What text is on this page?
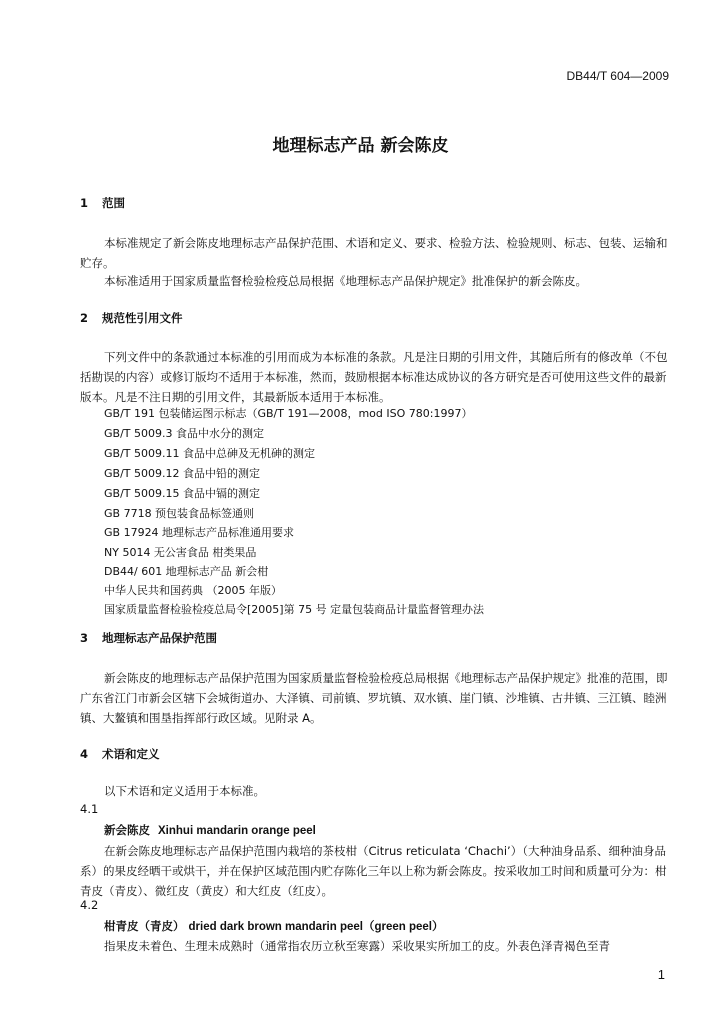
DB44/T 604—2009
地理标志产品 新会陈皮
1 范围
本标准规定了新会陈皮地理标志产品保护范围、术语和定义、要求、检验方法、检验规则、标志、包装、运输和贮存。
本标准适用于国家质量监督检验检疫总局根据《地理标志产品保护规定》批准保护的新会陈皮。
2 规范性引用文件
下列文件中的条款通过本标准的引用而成为本标准的条款。凡是注日期的引用文件，其随后所有的修改单（不包括勘误的内容）或修订版均不适用于本标准，然而，鼓励根据本标准达成协议的各方研究是否可使用这些文件的最新版本。凡是不注日期的引用文件，其最新版本适用于本标准。
GB/T 191 包装储运图示标志（GB/T 191—2008，mod ISO 780:1997）
GB/T 5009.3 食品中水分的测定
GB/T 5009.11 食品中总砷及无机砷的测定
GB/T 5009.12 食品中铅的测定
GB/T 5009.15 食品中镉的测定
GB 7718 预包装食品标签通则
GB 17924 地理标志产品标准通用要求
NY 5014 无公害食品 柑类果品
DB44/ 601 地理标志产品 新会柑
中华人民共和国药典 （2005 年版）
国家质量监督检验检疫总局令[2005]第 75 号 定量包装商品计量监督管理办法
3 地理标志产品保护范围
新会陈皮的地理标志产品保护范围为国家质量监督检验检疫总局根据《地理标志产品保护规定》批准的范围，即广东省江门市新会区辖下会城街道办、大泽镇、司前镇、罗坑镇、双水镇、崖门镇、沙堆镇、古井镇、三江镇、睦洲镇、大鳌镇和围垦指挥部行政区域。见附录 A。
4 术语和定义
以下术语和定义适用于本标准。
4.1
新会陈皮 Xinhui mandarin orange peel
在新会陈皮地理标志产品保护范围内栽培的茶枝柑（Citrus reticulata ‘Chachi’）（大种油身品系、细种油身品系）的果皮经晒干或烘干，并在保护区域范围内贮存陈化三年以上称为新会陈皮。按采收加工时间和质量可分为：柑青皮（青皮）、微红皮（黄皮）和大红皮（红皮）。
4.2
柑青皮（青皮） dried dark brown mandarin peel（green peel）
指果皮未着色、生理未成熟时（通常指农历立秋至寒露）采收果实所加工的皮。外表色泽青褐色至青
1
